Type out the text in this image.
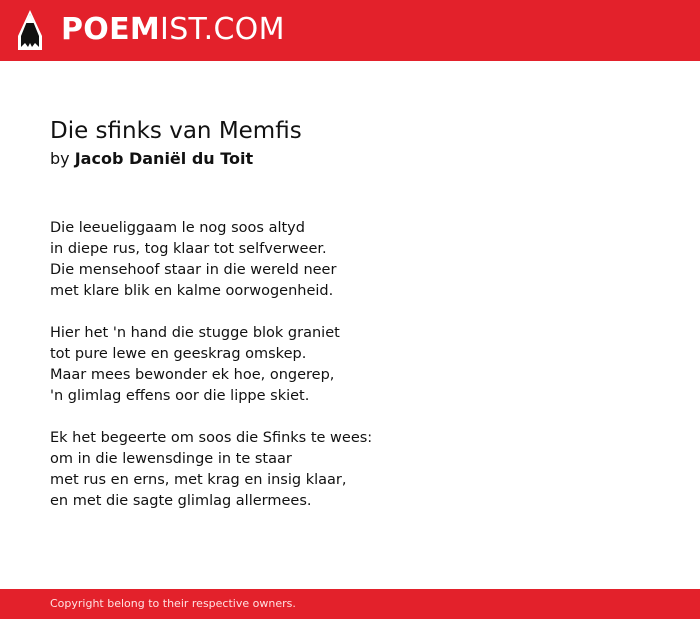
POEMIST.COM
Die sfinks van Memfis
by Jacob Daniël du Toit
Die leeueliggaam le nog soos altyd
in diepe rus, tog klaar tot selfverweer.
Die mensehoof staar in die wereld neer
met klare blik en kalme oorwogenheid.
Hier het 'n hand die stugge blok graniet
tot pure lewe en geeskrag omskep.
Maar mees bewonder ek hoe, ongerep,
'n glimlag effens oor die lippe skiet.
Ek het begeerte om soos die Sfinks te wees:
om in die lewensdinge in te staar
met rus en erns, met krag en insig klaar,
en met die sagte glimlag allermees.
Copyright belong to their respective owners.
